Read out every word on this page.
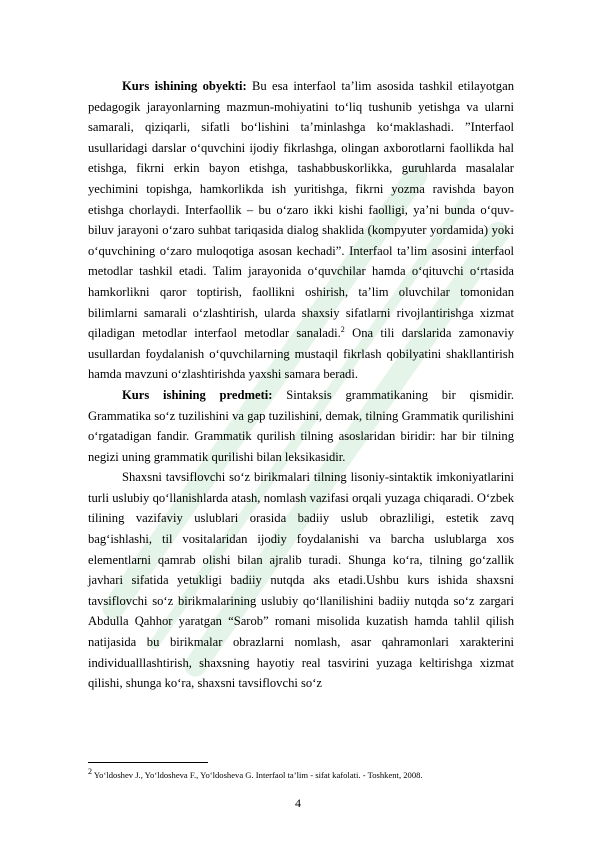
Kurs ishining obyekti: Bu esa interfaol ta’lim asosida tashkil etilayotgan pedagogik jarayonlarning mazmun-mohiyatini to‘liq tushunib yetishga va ularni samarali, qiziqarli, sifatli bo‘lishini ta’minlashga ko‘maklashadi. ”Interfaol usullaridagi darslar o‘quvchini ijodiy fikrlashga, olingan axborotlarni faollikda hal etishga, fikrni erkin bayon etishga, tashabbuskorlikka, guruhlarda masalalar yechimini topishga, hamkorlikda ish yuritishga, fikrni yozma ravishda bayon etishga chorlaydi. Interfaollik – bu o‘zaro ikki kishi faolligi, ya’ni bunda o‘quv-biluv jarayoni o‘zaro suhbat tariqasida dialog shaklida (kompyuter yordamida) yoki o‘quvchining o‘zaro muloqotiga asosan kechadi”. Interfaol ta’lim asosini interfaol metodlar tashkil etadi. Talim jarayonida o‘quvchilar hamda o‘qituvchi o‘rtasida hamkorlikni qaror toptirish, faollikni oshirish, ta’lim oluvchilar tomonidan bilimlarni samarali o‘zlashtirish, ularda shaxsiy sifatlarni rivojlantirishga xizmat qiladigan metodlar interfaol metodlar sanaladi.$^2$ Ona tili darslarida zamonaviy usullardan foydalanish o‘quvchilarning mustaqil fikrlash qobilyatini shakllantirish hamda mavzuni o‘zlashtirishda yaxshi samara beradi.

Kurs ishining predmeti: Sintaksis grammatikaning bir qismidir. Grammatika so‘z tuzilishini va gap tuzilishini, demak, tilning Grammatik qurilishini o‘rgatadigan fandir. Grammatik qurilish tilning asoslaridan biridir: har bir tilning negizi uning grammatik qurilishi bilan leksikasidir.

Shaxsni tavsiflovchi so‘z birikmalari tilning lisoniy-sintaktik imkoniyatlarini turli uslubiy qo‘llanishlarda atash, nomlash vazifasi orqali yuzaga chiqaradi. O‘zbek tilining vazifaviy uslublari orasida badiiy uslub obrazliligi, estetik zavq bag‘ishlashi, til vositalaridan ijodiy foydalanishi va barcha uslublarga xos elementlarni qamrab olishi bilan ajralib turadi. Shunga ko‘ra, tilning go‘zallik javhari sifatida yetukligi badiiy nutqda aks etadi.Ushbu kurs ishida shaxsni tavsiflovchi so‘z birikmalarining uslubiy qo‘llanilishini badiiy nutqda so‘z zargari Abdulla Qahhor yaratgan “Sarob” romani misolida kuzatish hamda tahlil qilish natijasida bu birikmalar obrazlarni nomlash, asar qahramonlari xarakterini individualllashtirish, shaxsning hayotiy real tasvirini yuzaga keltirishga xizmat qilishi, shunga ko‘ra, shaxsni tavsiflovchi so‘z

$^2$ Yo‘ldoshev J., Yo‘ldosheva F., Yo‘ldosheva G. Interfaol ta’lim - sifat kafolati. - Toshkent, 2008.
4
